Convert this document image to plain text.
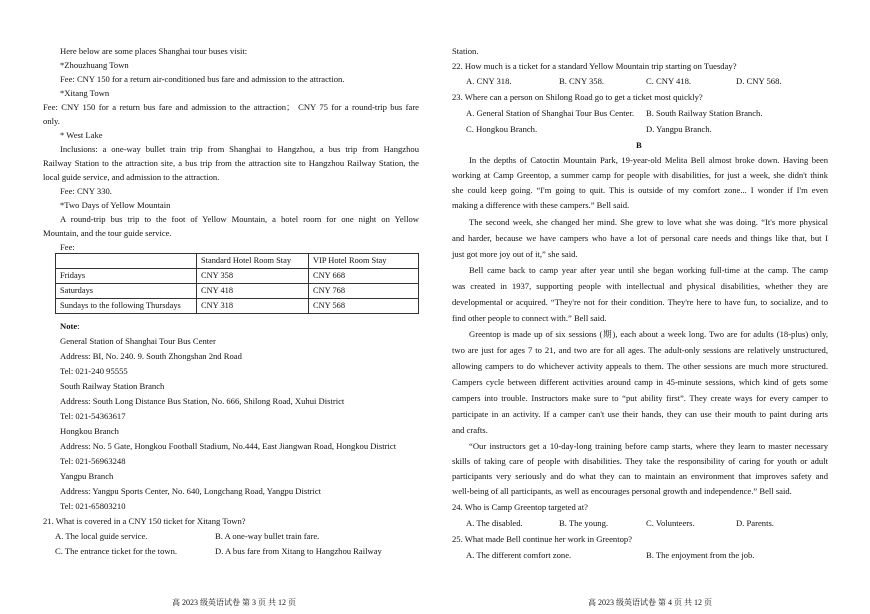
Here below are some places Shanghai tour buses visit:
*Zhouzhuang Town
Fee: CNY 150 for a return air-conditioned bus fare and admission to the attraction.
*Xitang Town
Fee: CNY 150 for a return bus fare and admission to the attraction； CNY 75 for a round-trip bus fare
only.
* West Lake
Inclusions: a one-way bullet train trip from Shanghai to Hangzhou, a bus trip from Hangzhou
Railway Station to the attraction site, a bus trip from the attraction site to Hangzhou Railway Station, the
local guide service, and admission to the attraction.
Fee: CNY 330.
*Two Days of Yellow Mountain
A round-trip bus trip to the foot of Yellow Mountain, a hotel room for one night on Yellow
Mountain, and the tour guide service.
Fee:
	Standard Hotel Room Stay	VIP Hotel Room Stay
Fridays	CNY 358	CNY 668
Saturdays	CNY 418	CNY 768
Sundays to the following Thursdays	CNY 318	CNY 568
Note:
General Station of Shanghai Tour Bus Center
Address: BI, No. 240. 9. South Zhongshan 2nd Road
Tel: 021-240 95555
South Railway Station Branch
Address: South Long Distance Bus Station, No. 666, Shilong Road, Xuhui District
Tel: 021-54363617
Hongkou Branch
Address: No. 5 Gate, Hongkou Football Stadium, No.444, East Jiangwan Road, Hongkou District
Tel: 021-56963248
Yangpu Branch
Address: Yangpu Sports Center, No. 640, Longchang Road, Yangpu District
Tel: 021-65803210
21. What is covered in a CNY 150 ticket for Xitang Town?
A. The local guide service.	B. A one-way bullet train fare.
C. The entrance ticket for the town.	D. A bus fare from Xitang to Hangzhou Railway
高 2023 级英语试卷 第 3 页 共 12 页
Station.
22. How much is a ticket for a standard Yellow Mountain trip starting on Tuesday?
A. CNY 318.	B. CNY 358.	C. CNY 418.	D. CNY 568.
23. Where can a person on Shilong Road go to get a ticket most quickly?
A. General Station of Shanghai Tour Bus Center. B. South Railway Station Branch.
C. Hongkou Branch.	D. Yangpu Branch.
B
In the depths of Catoctin Mountain Park, 19-year-old Melita Bell almost broke down. Having been
working at Camp Greentop, a summer camp for people with disabilities, for just a week, she didn't think
she could keep going. “I'm going to quit. This is outside of my comfort zone... I wonder if I'm even
making a difference with these campers.” Bell said.
The second week, she changed her mind. She grew to love what she was doing. “It's more physical
and harder, because we have campers who have a lot of personal care needs and things like that, but I
just got more joy out of it,” she said.
Bell came back to camp year after year until she began working full-time at the camp. The camp
was created in 1937, supporting people with intellectual and physical disabilities, whether they are
developmental or acquired. “They're not for their condition. They're here to have fun, to socialize, and to
find other people to connect with.” Bell said.
Greentop is made up of six sessions (期), each about a week long. Two are for adults (18-plus) only,
two are just for ages 7 to 21, and two are for all ages. The adult-only sessions are relatively unstructured,
allowing campers to do whichever activity appeals to them. The other sessions are much more structured.
Campers cycle between different activities around camp in 45-minute sessions, which kind of gets some
campers into trouble. Instructors make sure to “put ability first”. They create ways for every camper to
participate in an activity. If a camper can't use their hands, they can use their mouth to paint during arts
and crafts.
“Our instructors get a 10-day-long training before camp starts, where they learn to master necessary
skills of taking care of people with disabilities. They take the responsibility of caring for youth or adult
participants very seriously and do what they can to maintain an environment that improves safety and
well-being of all participants, as well as encourages personal growth and independence.” Bell said.
24. Who is Camp Greentop targeted at?
A. The disabled.	B. The young.	C. Volunteers.	D. Parents.
25. What made Bell continue her work in Greentop?
A. The different comfort zone.	B. The enjoyment from the job.
高 2023 级英语试卷 第 4 页 共 12 页
